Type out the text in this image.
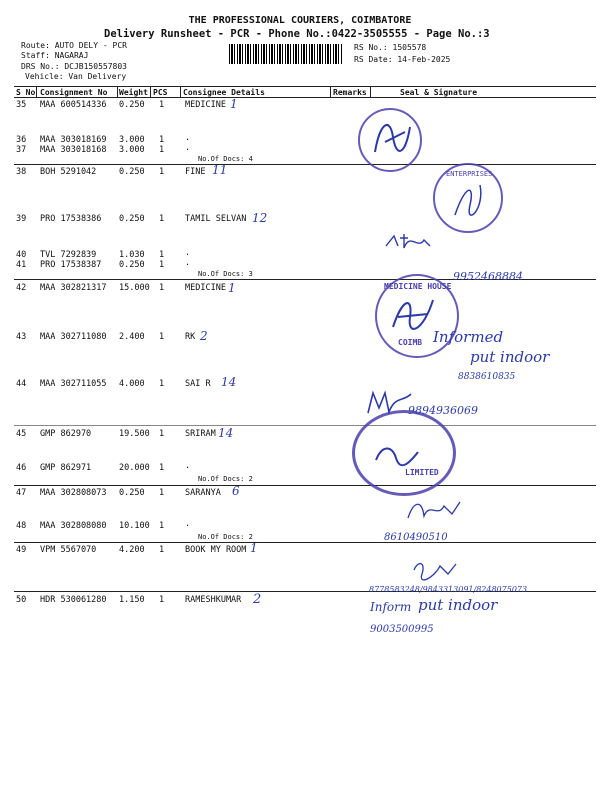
THE PROFESSIONAL COURIERS, COIMBATORE
Delivery Runsheet - PCR - Phone No.:0422-3505555 - Page No.:3
Route: AUTO DELY - PCR
Staff: NAGARAJ
DRS No.: DCJB150557803
Vehicle: Van Delivery
RS No.: 1505578
RS Date: 14-Feb-2025
S No Consignment No Weight PCS Consignee Details	Remarks	Seal & Signature
35 MAA 600514336 0.250 1 MEDICINE
36 MAA 303018169 3.000 1 .
37 MAA 303018168 3.000 1 .
No.Of Docs: 4
38 BOH 5291042	0.250 1 FINE
39 PRO 17538386 0.250 1 TAMIL SELVAN
40 TVL 7292839	1.030 1 .
41 PRO 17538387 0.250 1 .
No.Of Docs: 3
42 MAA 302821317 15.000 1 MEDICINE
43 MAA 302711080 2.400 1 RK
44 MAA 302711055 4.000 1 SAI R
45 GMP 862970	19.500 1 SRIRAM
46 GMP 862971	20.000 1 .
No.Of Docs: 2
47 MAA 302808073 0.250 1 SARANYA
48 MAA 302808080 10.100 1 .
No.Of Docs: 2
49 VPM 5567070	4.200 1 BOOK MY ROOM
50 HDR 530061280 1.150 1 RAMESHKUMAR
1
11
12
1
2
14
14
6
1
2
ENTERPRISES
MEDICINE HOUSE
COIMB
LIMITED
9952468884
Informed
put indoor
8838610835
9894936069
8610490510
8778583248/9843313091/8248075073
Inform put indoor
9003500995
